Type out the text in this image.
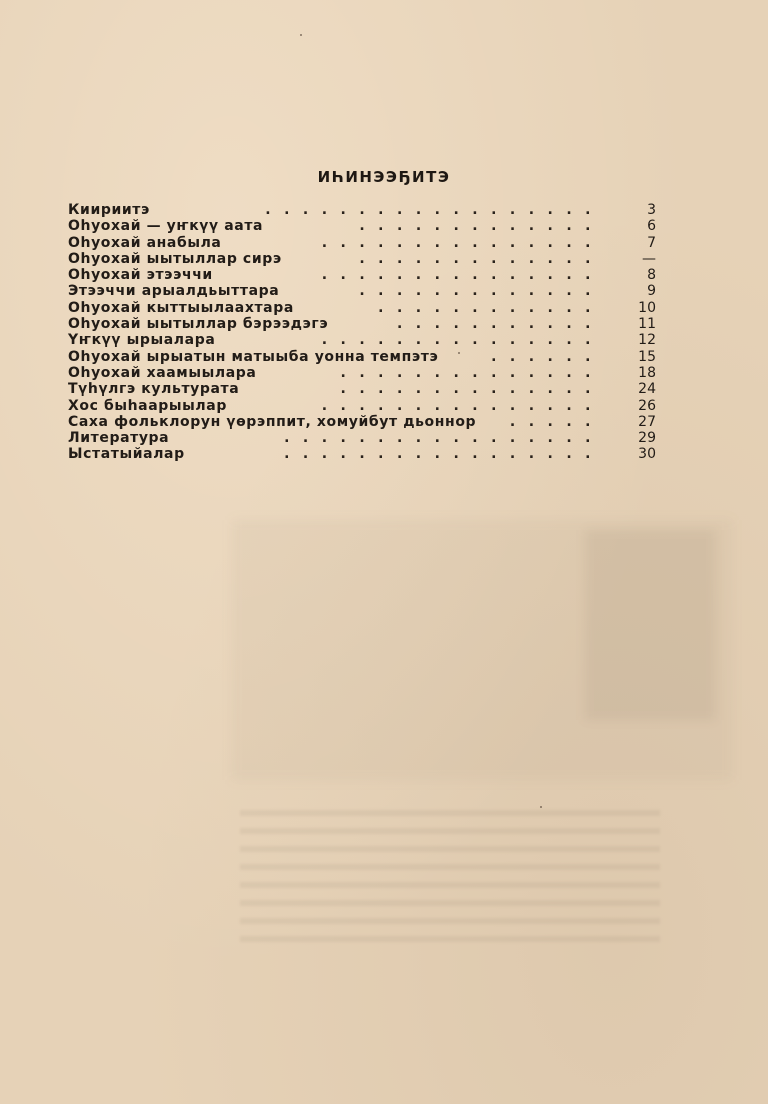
ИҺИНЭЭҔИТЭ
Киириитэ	3
..................
Оһуохай — уҥкүү аата	6
.............
Оһуохай анабыла	7
...............
Оһуохай ыытыллар сирэ	—
.............
Оһуохай этээччи	8
...............
Этээччи арыалдьыттара	9
.............
Оһуохай кыттыылаахтара	10
............
Оһуохай ыытыллар бэрээдэгэ	11
...........
Үҥкүү ырыалара	12
...............
Оһуохай ырыатын матыыба уонна темпэтэ	15
......
Оһуохай хаамыылара	18
..............
Түһүлгэ культурата	24
..............
Хос быһаарыылар	26
...............
Саха фольклорун үөрэппит, хомуйбут дьоннор	27
.....
Литература	29
.................
Ыстатыйалар	30
.................
